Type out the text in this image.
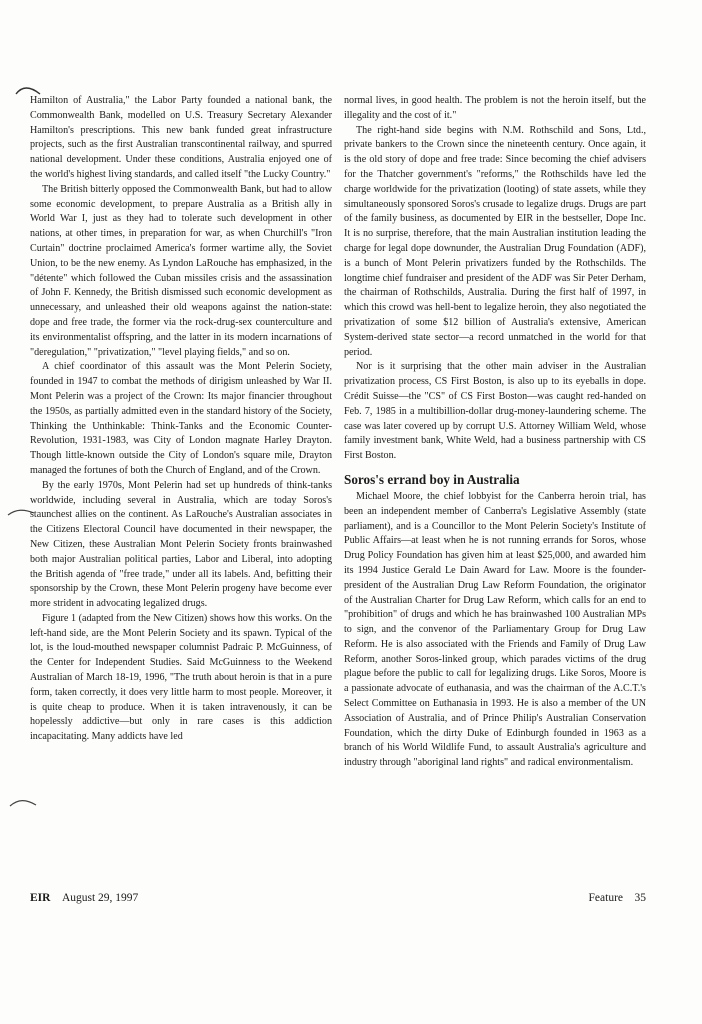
Hamilton of Australia," the Labor Party founded a national bank, the Commonwealth Bank, modelled on U.S. Treasury Secretary Alexander Hamilton's prescriptions. This new bank funded great infrastructure projects, such as the first Australian transcontinental railway, and spurred national development. Under these conditions, Australia enjoyed one of the world's highest living standards, and called itself "the Lucky Country."

The British bitterly opposed the Commonwealth Bank, but had to allow some economic development, to prepare Australia as a British ally in World War I, just as they had to tolerate such development in other nations, at other times, in preparation for war, as when Churchill's "Iron Curtain" doctrine proclaimed America's former wartime ally, the Soviet Union, to be the new enemy. As Lyndon LaRouche has emphasized, in the "détente" which followed the Cuban missiles crisis and the assassination of John F. Kennedy, the British dismissed such economic development as unnecessary, and unleashed their old weapons against the nation-state: dope and free trade, the former via the rock-drug-sex counterculture and its environmentalist offspring, and the latter in its modern incarnations of "deregulation," "privatization," "level playing fields," and so on.

A chief coordinator of this assault was the Mont Pelerin Society, founded in 1947 to combat the methods of dirigism unleashed by War II. Mont Pelerin was a project of the Crown: Its major financier throughout the 1950s, as partially admitted even in the standard history of the Society, Thinking the Unthinkable: Think-Tanks and the Economic Counter-Revolution, 1931-1983, was City of London magnate Harley Drayton. Though little-known outside the City of London's square mile, Drayton managed the fortunes of both the Church of England, and of the Crown.

By the early 1970s, Mont Pelerin had set up hundreds of think-tanks worldwide, including several in Australia, which are today Soros's staunchest allies on the continent. As LaRouche's Australian associates in the Citizens Electoral Council have documented in their newspaper, the New Citizen, these Australian Mont Pelerin Society fronts brainwashed both major Australian political parties, Labor and Liberal, into adopting the British agenda of "free trade," under all its labels. And, befitting their sponsorship by the Crown, these Mont Pelerin progeny have become ever more strident in advocating legalized drugs.

Figure 1 (adapted from the New Citizen) shows how this works. On the left-hand side, are the Mont Pelerin Society and its spawn. Typical of the lot, is the loud-mouthed newspaper columnist Padraic P. McGuinness, of the Center for Independent Studies. Said McGuinness to the Weekend Australian of March 18-19, 1996, "The truth about heroin is that in a pure form, taken correctly, it does very little harm to most people. Moreover, it is quite cheap to produce. When it is taken intravenously, it can be hopelessly addictive—but only in rare cases is this addiction incapacitating. Many addicts have led

normal lives, in good health. The problem is not the heroin itself, but the illegality and the cost of it."

The right-hand side begins with N.M. Rothschild and Sons, Ltd., private bankers to the Crown since the nineteenth century. Once again, it is the old story of dope and free trade: Since becoming the chief advisers for the Thatcher government's "reforms," the Rothschilds have led the charge worldwide for the privatization (looting) of state assets, while they simultaneously sponsored Soros's crusade to legalize drugs. Drugs are part of the family business, as documented by EIR in the bestseller, Dope Inc. It is no surprise, therefore, that the main Australian institution leading the charge for legal dope downunder, the Australian Drug Foundation (ADF), is a bunch of Mont Pelerin privatizers funded by the Rothschilds. The longtime chief fundraiser and president of the ADF was Sir Peter Derham, the chairman of Rothschilds, Australia. During the first half of 1997, in which this crowd was hell-bent to legalize heroin, they also negotiated the privatization of some $12 billion of Australia's extensive, American System-derived state sector—a record unmatched in the world for that period.

Nor is it surprising that the other main adviser in the Australian privatization process, CS First Boston, is also up to its eyeballs in dope. Crédit Suisse—the "CS" of CS First Boston—was caught red-handed on Feb. 7, 1985 in a multibillion-dollar drug-money-laundering scheme. The case was later covered up by corrupt U.S. Attorney William Weld, whose family investment bank, White Weld, had a business partnership with CS First Boston.

Soros's errand boy in Australia

Michael Moore, the chief lobbyist for the Canberra heroin trial, has been an independent member of Canberra's Legislative Assembly (state parliament), and is a Councillor to the Mont Pelerin Society's Institute of Public Affairs—at least when he is not running errands for Soros, whose Drug Policy Foundation has given him at least $25,000, and awarded him its 1994 Justice Gerald Le Dain Award for Law. Moore is the founder-president of the Australian Drug Law Reform Foundation, the originator of the Australian Charter for Drug Law Reform, which calls for an end to "prohibition" of drugs and which he has brainwashed 100 Australian MPs to sign, and the convenor of the Parliamentary Group for Drug Law Reform. He is also associated with the Friends and Family of Drug Law Reform, another Soros-linked group, which parades victims of the drug plague before the public to call for legalizing drugs. Like Soros, Moore is a passionate advocate of euthanasia, and was the chairman of the A.C.T.'s Select Committee on Euthanasia in 1993. He is also a member of the UN Association of Australia, and of Prince Philip's Australian Conservation Foundation, which the dirty Duke of Edinburgh founded in 1963 as a branch of his World Wildlife Fund, to assault Australia's agriculture and industry through "aboriginal land rights" and radical environmentalism.

EIR August 29, 1997	Feature 35
